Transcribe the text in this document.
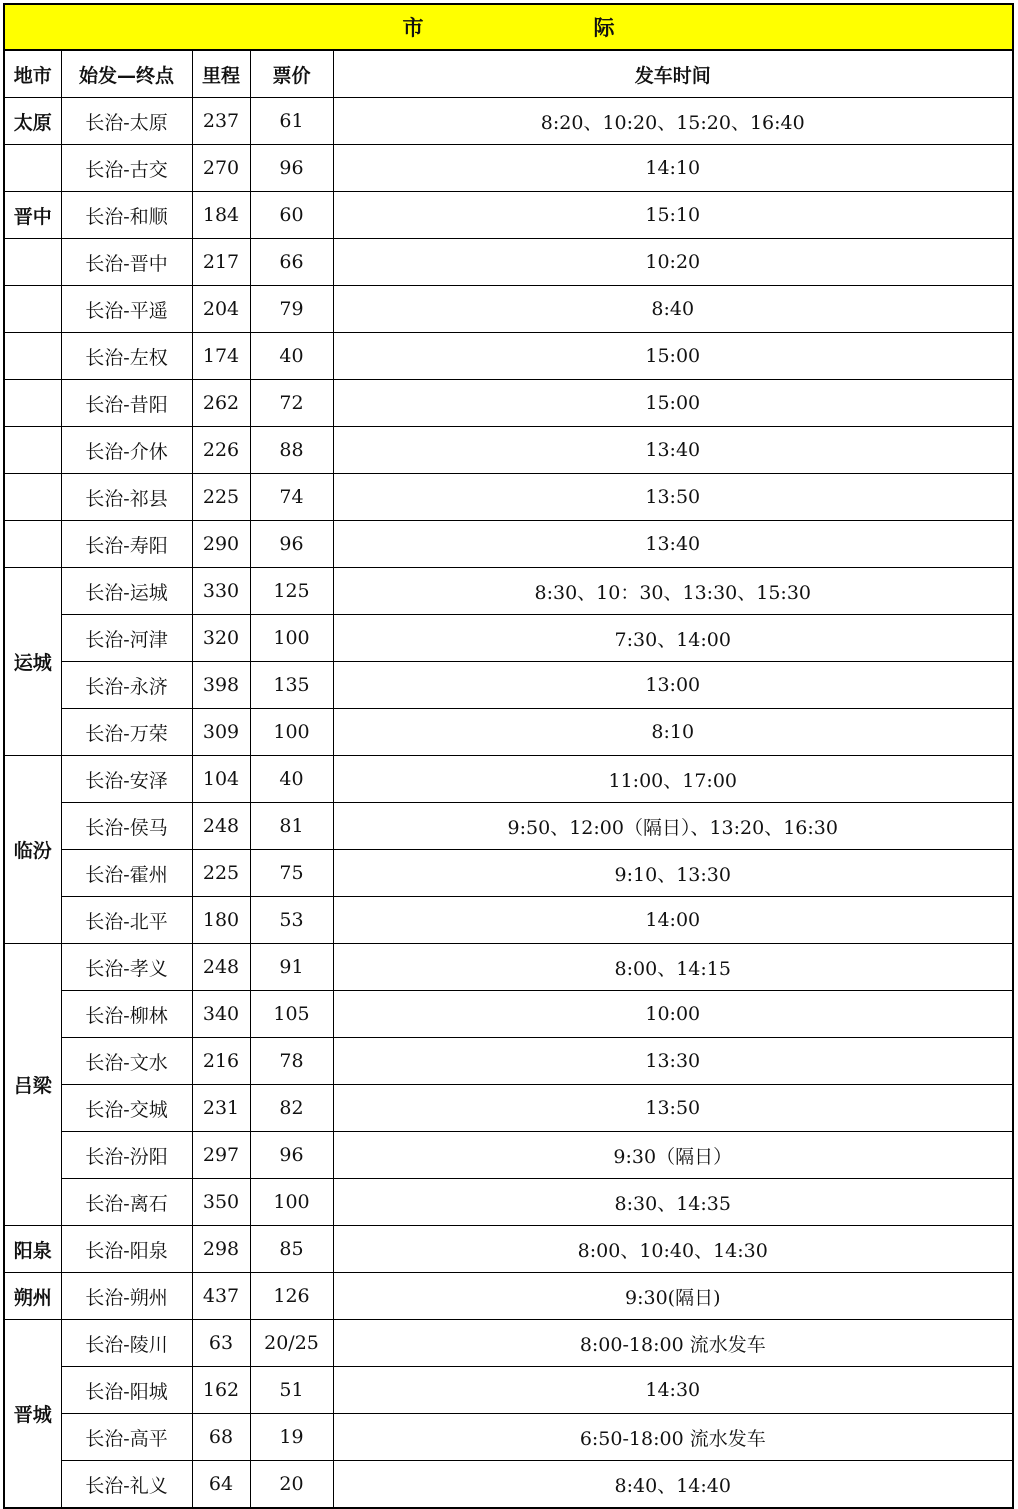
市 际				
地市	始发—终点	里程	票价	发车时间
太原	长治-太原	237	61	8:20、10:20、15:20、16:40
	长治-古交	270	96	14:10
晋中	长治-和顺	184	60	15:10
	长治-晋中	217	66	10:20
	长治-平遥	204	79	8:40
	长治-左权	174	40	15:00
	长治-昔阳	262	72	15:00
	长治-介休	226	88	13:40
	长治-祁县	225	74	13:50
	长治-寿阳	290	96	13:40
运城	长治-运城	330	125	8:30、10：30、13:30、15:30
	长治-河津	320	100	7:30、14:00
	长治-永济	398	135	13:00
	长治-万荣	309	100	8:10
临汾	长治-安泽	104	40	11:00、17:00
	长治-侯马	248	81	9:50、12:00（隔日）、13:20、16:30
	长治-霍州	225	75	9:10、13:30
	长治-北平	180	53	14:00
吕梁	长治-孝义	248	91	8:00、14:15
	长治-柳林	340	105	10:00
	长治-文水	216	78	13:30
	长治-交城	231	82	13:50
	长治-汾阳	297	96	9:30（隔日）
	长治-离石	350	100	8:30、14:35
阳泉	长治-阳泉	298	85	8:00、10:40、14:30
朔州	长治-朔州	437	126	9:30(隔日)
晋城	长治-陵川	63	20/25	8:00-18:00 流水发车
	长治-阳城	162	51	14:30
	长治-高平	68	19	6:50-18:00 流水发车
	长治-礼义	64	20	8:40、14:40
